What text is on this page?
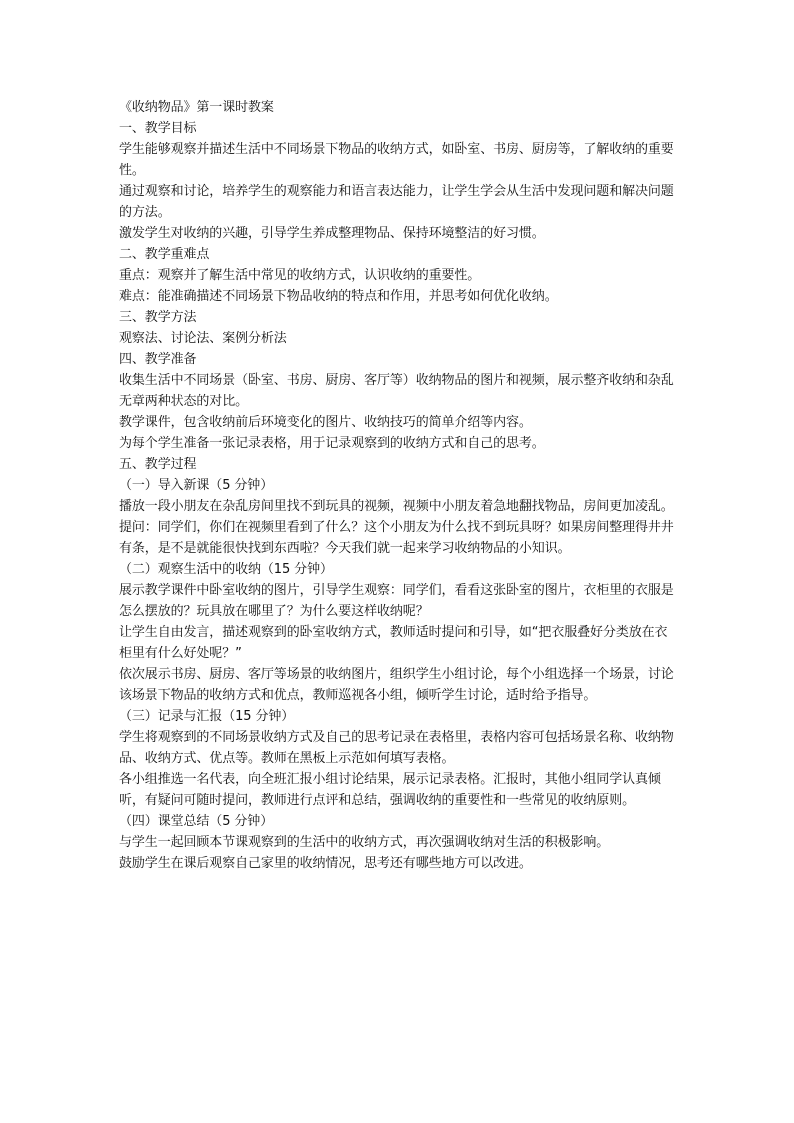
《收纳物品》第一课时教案

一、教学目标

学生能够观察并描述生活中不同场景下物品的收纳方式，如卧室、书房、厨房等，了解收纳的重要性。

通过观察和讨论，培养学生的观察能力和语言表达能力，让学生学会从生活中发现问题和解决问题的方法。

激发学生对收纳的兴趣，引导学生养成整理物品、保持环境整洁的好习惯。

二、教学重难点

重点：观察并了解生活中常见的收纳方式，认识收纳的重要性。

难点：能准确描述不同场景下物品收纳的特点和作用，并思考如何优化收纳。

三、教学方法

观察法、讨论法、案例分析法

四、教学准备

收集生活中不同场景（卧室、书房、厨房、客厅等）收纳物品的图片和视频，展示整齐收纳和杂乱无章两种状态的对比。

教学课件，包含收纳前后环境变化的图片、收纳技巧的简单介绍等内容。

为每个学生准备一张记录表格，用于记录观察到的收纳方式和自己的思考。

五、教学过程

（一）导入新课（5 分钟）

播放一段小朋友在杂乱房间里找不到玩具的视频，视频中小朋友着急地翻找物品，房间更加凌乱。

提问：同学们，你们在视频里看到了什么？这个小朋友为什么找不到玩具呀？如果房间整理得井井有条，是不是就能很快找到东西啦？今天我们就一起来学习收纳物品的小知识。

（二）观察生活中的收纳（15 分钟）

展示教学课件中卧室收纳的图片，引导学生观察：同学们，看看这张卧室的图片，衣柜里的衣服是怎么摆放的？玩具放在哪里了？为什么要这样收纳呢？

让学生自由发言，描述观察到的卧室收纳方式，教师适时提问和引导，如“把衣服叠好分类放在衣柜里有什么好处呢？”

依次展示书房、厨房、客厅等场景的收纳图片，组织学生小组讨论，每个小组选择一个场景，讨论该场景下物品的收纳方式和优点，教师巡视各小组，倾听学生讨论，适时给予指导。

（三）记录与汇报（15 分钟）

学生将观察到的不同场景收纳方式及自己的思考记录在表格里，表格内容可包括场景名称、收纳物品、收纳方式、优点等。教师在黑板上示范如何填写表格。

各小组推选一名代表，向全班汇报小组讨论结果，展示记录表格。汇报时，其他小组同学认真倾听，有疑问可随时提问，教师进行点评和总结，强调收纳的重要性和一些常见的收纳原则。

（四）课堂总结（5 分钟）

与学生一起回顾本节课观察到的生活中的收纳方式，再次强调收纳对生活的积极影响。

鼓励学生在课后观察自己家里的收纳情况，思考还有哪些地方可以改进。
